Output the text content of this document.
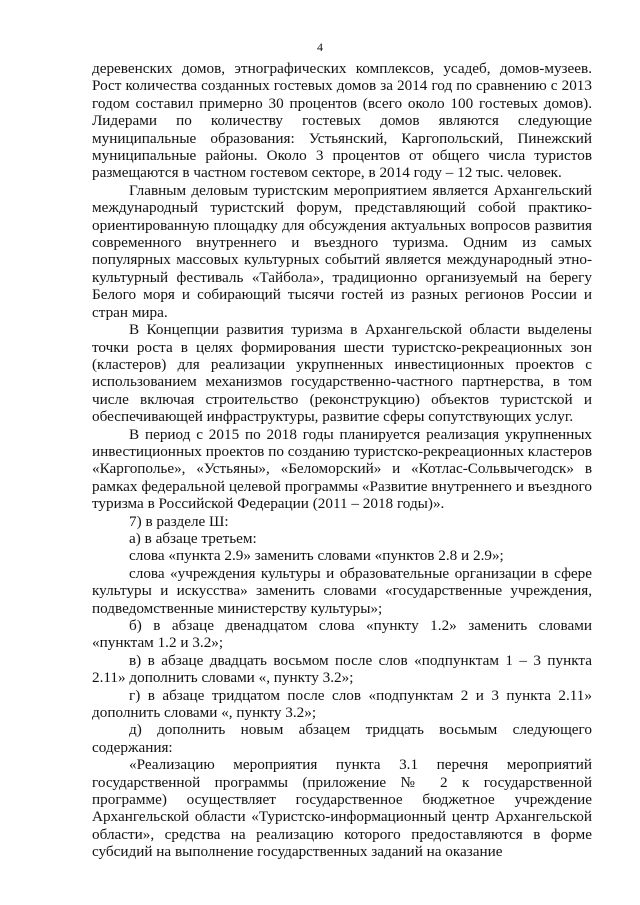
4

деревенских домов, этнографических комплексов, усадеб, домов-музеев. Рост количества созданных гостевых домов за 2014 год по сравнению с 2013 годом составил примерно 30 процентов (всего около 100 гостевых домов). Лидерами по количеству гостевых домов являются следующие муниципальные образования: Устьянский, Каргопольский, Пинежский муниципальные районы. Около 3 процентов от общего числа туристов размещаются в частном гостевом секторе, в 2014 году – 12 тыс. человек.

Главным деловым туристским мероприятием является Архангельский международный туристский форум, представляющий собой практико-ориентированную площадку для обсуждения актуальных вопросов развития современного внутреннего и въездного туризма. Одним из самых популярных массовых культурных событий является международный этно-культурный фестиваль «Тайбола», традиционно организуемый на берегу Белого моря и собирающий тысячи гостей из разных регионов России и стран мира.

В Концепции развития туризма в Архангельской области выделены точки роста в целях формирования шести туристско-рекреационных зон (кластеров) для реализации укрупненных инвестиционных проектов с использованием механизмов государственно-частного партнерства, в том числе включая строительство (реконструкцию) объектов туристской и обеспечивающей инфраструктуры, развитие сферы сопутствующих услуг.

В период с 2015 по 2018 годы планируется реализация укрупненных инвестиционных проектов по созданию туристско-рекреационных кластеров «Каргополье», «Устьяны», «Беломорский» и «Котлас-Сольвычегодск» в рамках федеральной целевой программы «Развитие внутреннего и въездного туризма в Российской Федерации (2011 – 2018 годы)».

7) в разделе Ш:

а) в абзаце третьем:

слова «пункта 2.9» заменить словами «пунктов 2.8 и 2.9»;

слова «учреждения культуры и образовательные организации в сфере культуры и искусства» заменить словами «государственные учреждения, подведомственные министерству культуры»;

б) в абзаце двенадцатом слова «пункту 1.2» заменить словами «пунктам 1.2 и 3.2»;

в) в абзаце двадцать восьмом после слов «подпунктам 1 – 3 пункта 2.11» дополнить словами «, пункту 3.2»;

г) в абзаце тридцатом после слов «подпунктам 2 и 3 пункта 2.11» дополнить словами «, пункту 3.2»;

д) дополнить новым абзацем тридцать восьмым следующего содержания:

«Реализацию мероприятия пункта 3.1 перечня мероприятий государственной программы (приложение № 2 к государственной программе) осуществляет государственное бюджетное учреждение Архангельской области «Туристско-информационный центр Архангельской области», средства на реализацию которого предоставляются в форме субсидий на выполнение государственных заданий на оказание
